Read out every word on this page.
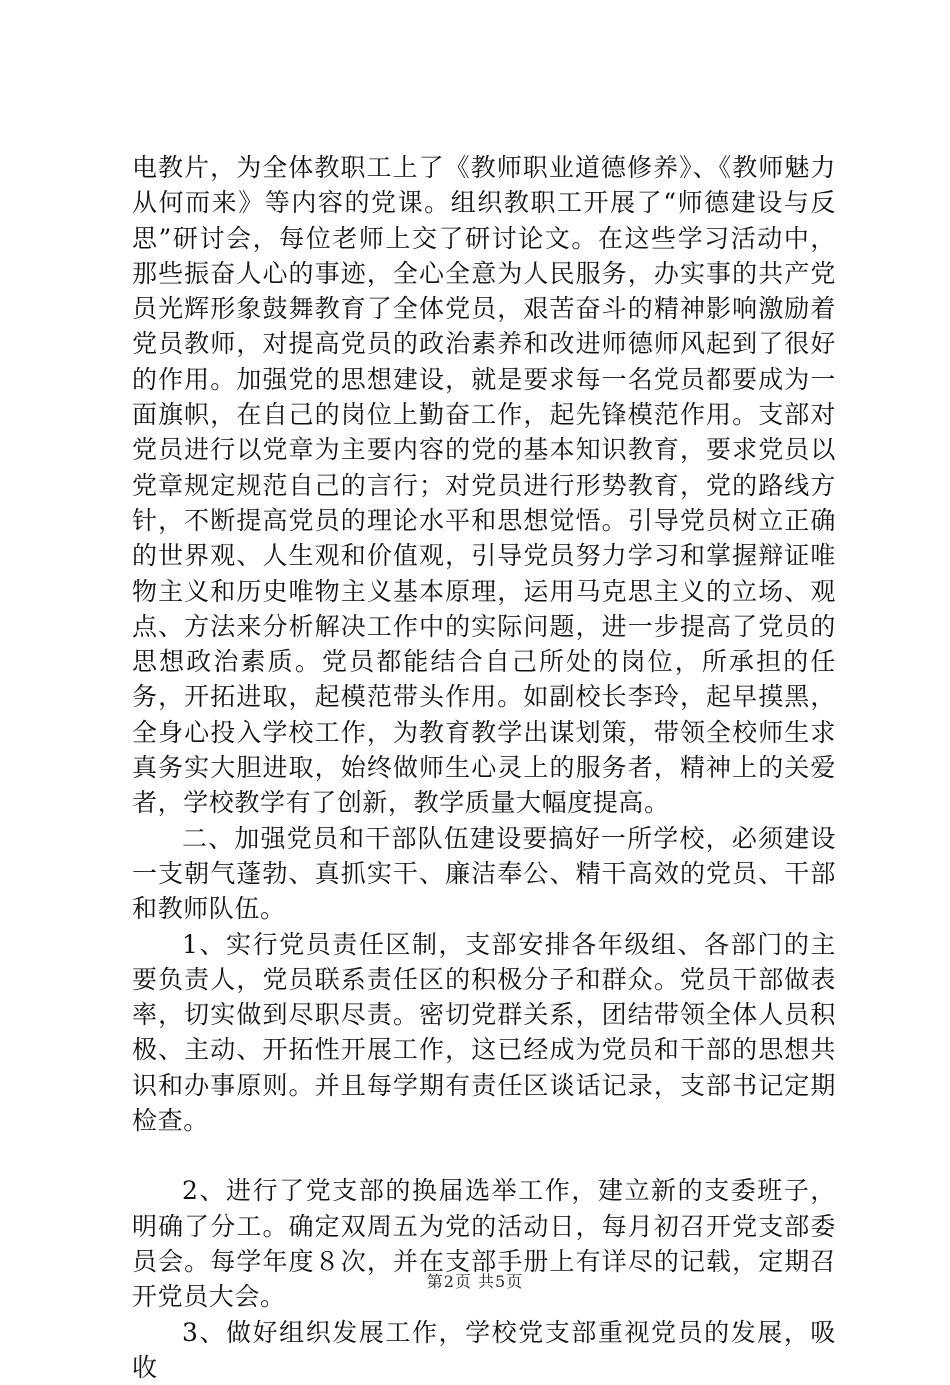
电教片，为全体教职工上了《教师职业道德修养》、《教师魅力从何而来》等内容的党课。组织教职工开展了“师德建设与反思”研讨会，每位老师上交了研讨论文。在这些学习活动中，那些振奋人心的事迹，全心全意为人民服务，办实事的共产党员光辉形象鼓舞教育了全体党员，艰苦奋斗的精神影响激励着党员教师，对提高党员的政治素养和改进师德师风起到了很好的作用。加强党的思想建设，就是要求每一名党员都要成为一面旗帜，在自己的岗位上勤奋工作，起先锋模范作用。支部对党员进行以党章为主要内容的党的基本知识教育，要求党员以党章规定规范自己的言行；对党员进行形势教育，党的路线方针，不断提高党员的理论水平和思想觉悟。引导党员树立正确的世界观、人生观和价值观，引导党员努力学习和掌握辩证唯物主义和历史唯物主义基本原理，运用马克思主义的立场、观点、方法来分析解决工作中的实际问题，进一步提高了党员的思想政治素质。党员都能结合自己所处的岗位，所承担的任务，开拓进取，起模范带头作用。如副校长李玲，起早摸黑，全身心投入学校工作，为教育教学出谋划策，带领全校师生求真务实大胆进取，始终做师生心灵上的服务者，精神上的关爱者，学校教学有了创新，教学质量大幅度提高。

二、加强党员和干部队伍建设要搞好一所学校，必须建设一支朝气蓬勃、真抓实干、廉洁奉公、精干高效的党员、干部和教师队伍。

1、实行党员责任区制，支部安排各年级组、各部门的主要负责人，党员联系责任区的积极分子和群众。党员干部做表率，切实做到尽职尽责。密切党群关系，团结带领全体人员积极、主动、开拓性开展工作，这已经成为党员和干部的思想共识和办事原则。并且每学期有责任区谈话记录，支部书记定期检查。

2、进行了党支部的换届选举工作，建立新的支委班子，明确了分工。确定双周五为党的活动日，每月初召开党支部委员会。每学年度８次，并在支部手册上有详尽的记载，定期召开党员大会。

3、做好组织发展工作，学校党支部重视党员的发展，吸收

第2页 共5页
